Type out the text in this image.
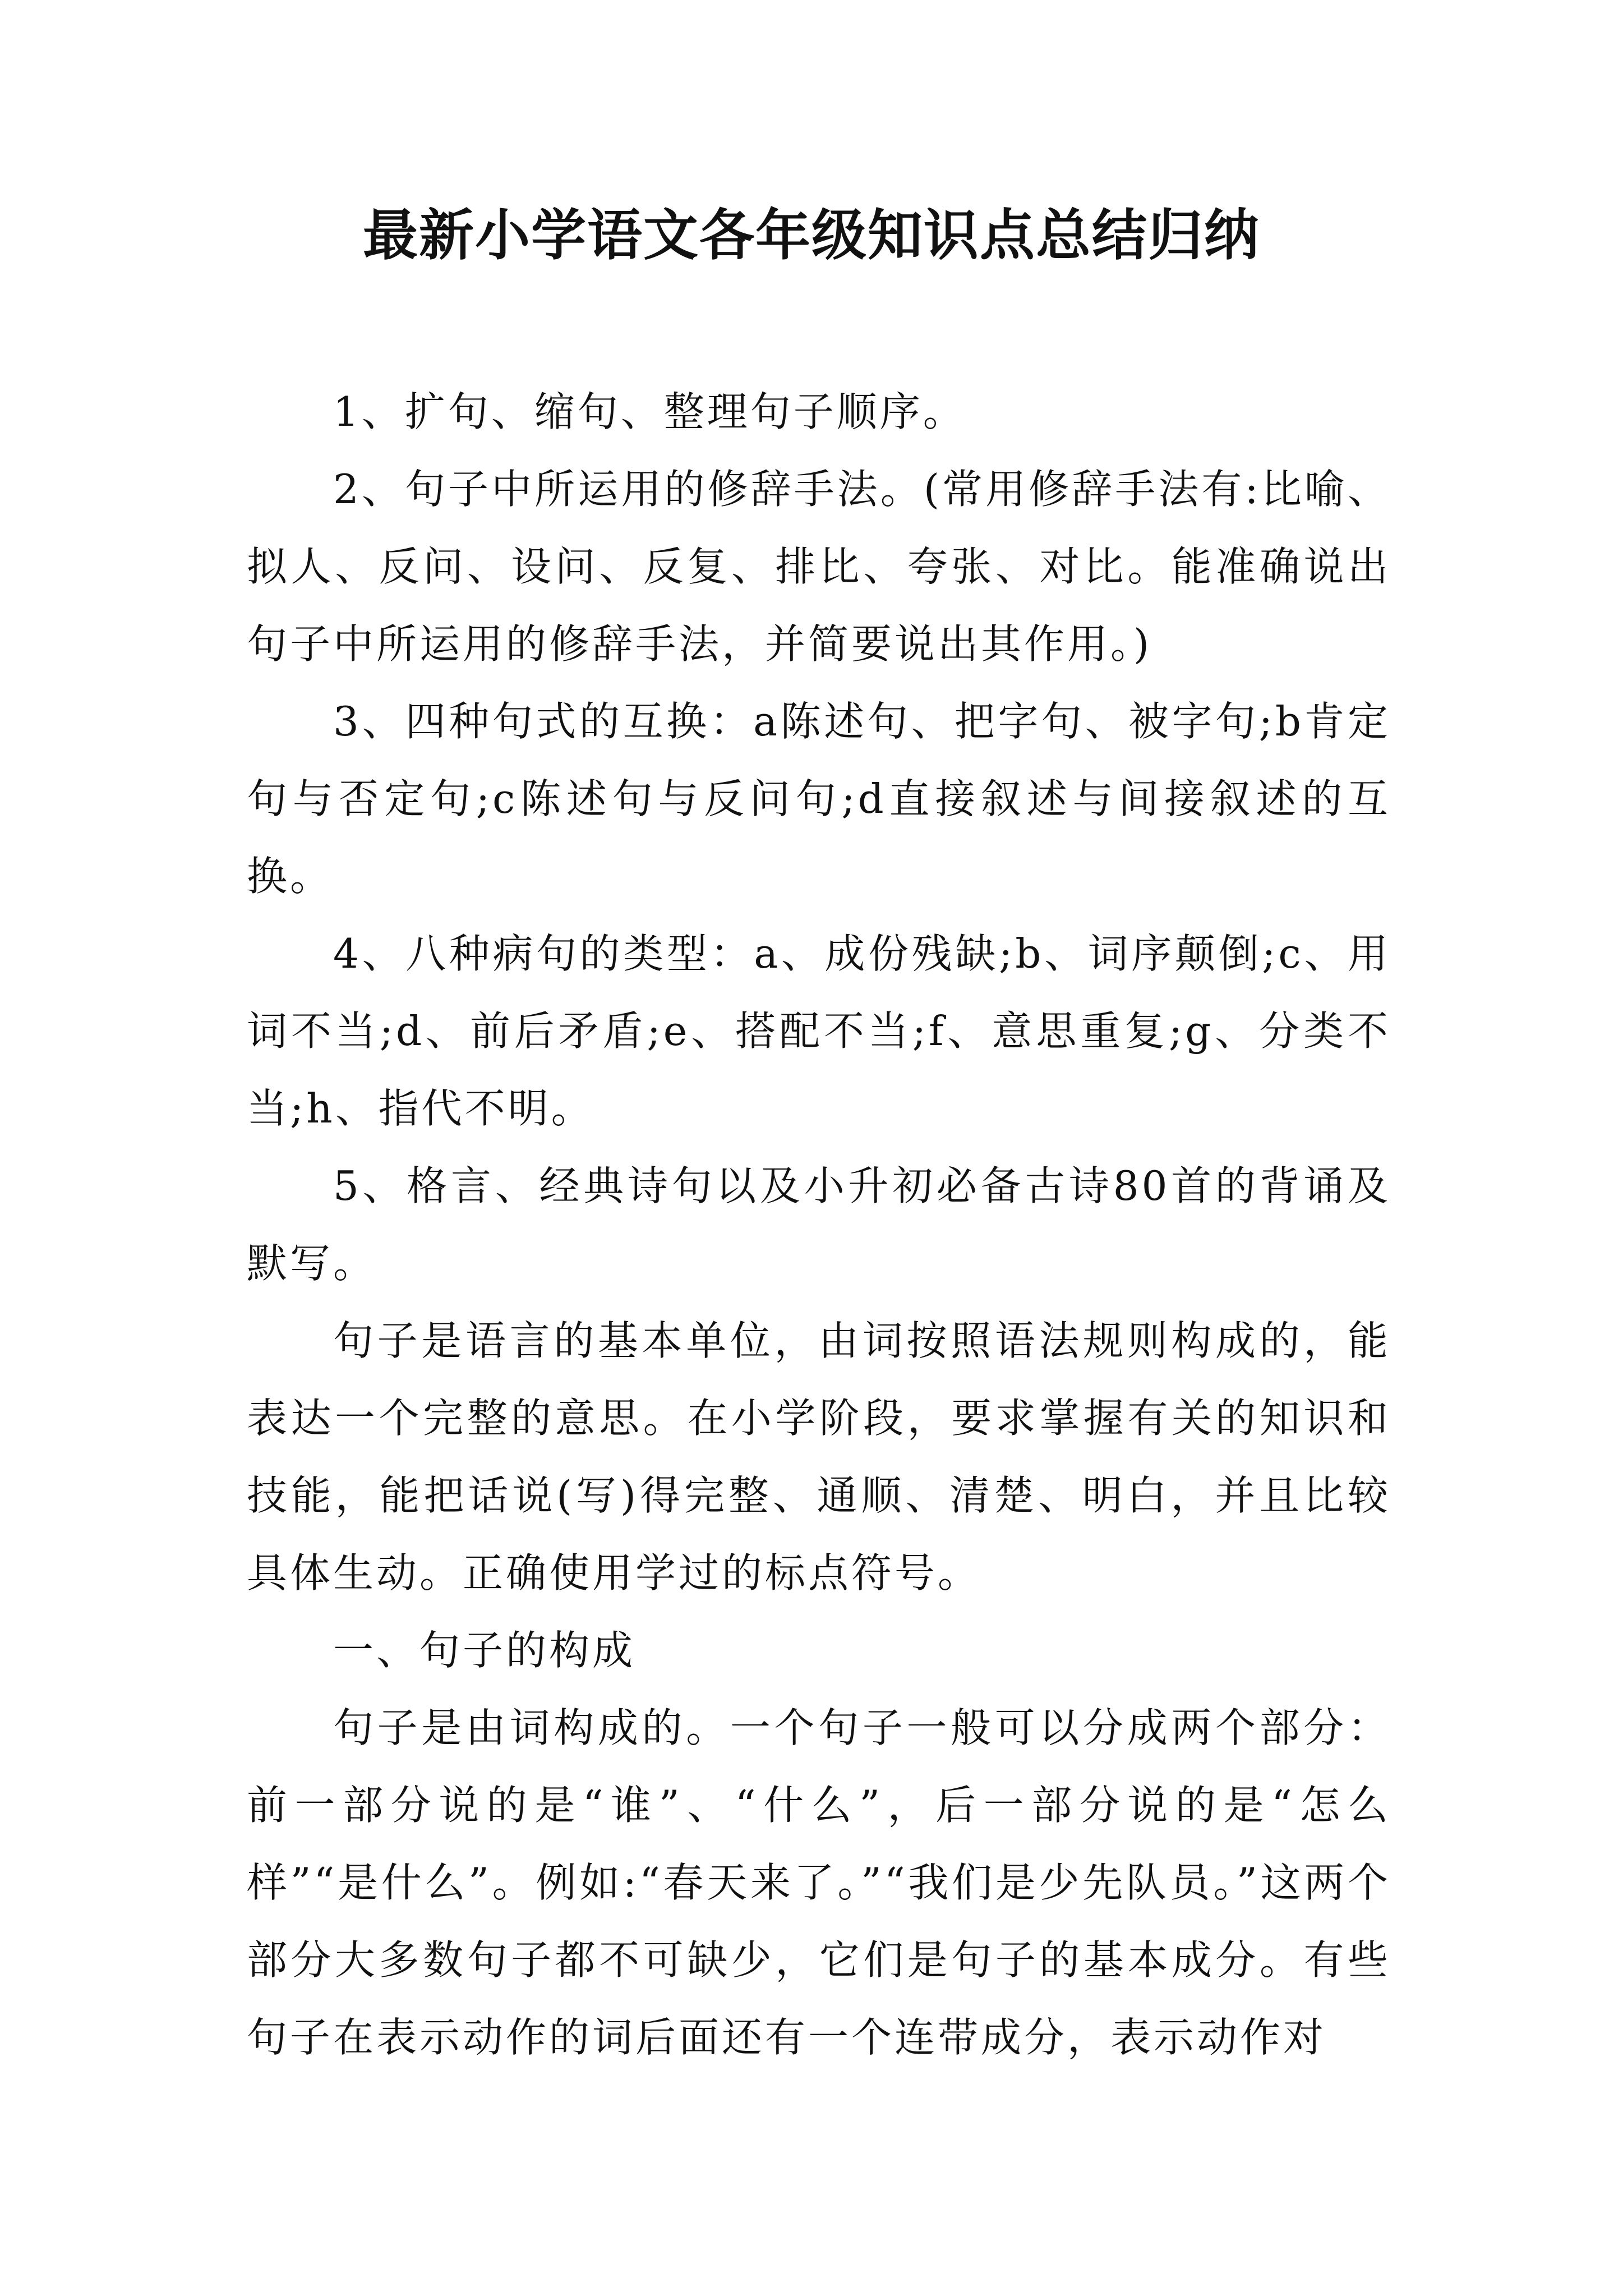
最新小学语文各年级知识点总结归纳

1、扩句、缩句、整理句子顺序。

2、句子中所运用的修辞手法。(常用修辞手法有:比喻、拟人、反问、设问、反复、排比、夸张、对比。能准确说出句子中所运用的修辞手法，并简要说出其作用。)

3、四种句式的互换：a陈述句、把字句、被字句;b肯定句与否定句;c陈述句与反问句;d直接叙述与间接叙述的互换。

4、八种病句的类型：a、成份残缺;b、词序颠倒;c、用词不当;d、前后矛盾;e、搭配不当;f、意思重复;g、分类不当;h、指代不明。

5、格言、经典诗句以及小升初必备古诗80首的背诵及默写。

句子是语言的基本单位，由词按照语法规则构成的，能表达一个完整的意思。在小学阶段，要求掌握有关的知识和技能，能把话说(写)得完整、通顺、清楚、明白，并且比较具体生动。正确使用学过的标点符号。

一、句子的构成

句子是由词构成的。一个句子一般可以分成两个部分：前一部分说的是“谁”、“什么”，后一部分说的是“怎么样”“是什么”。例如:“春天来了。”“我们是少先队员。”这两个部分大多数句子都不可缺少，它们是句子的基本成分。有些句子在表示动作的词后面还有一个连带成分，表示动作对
